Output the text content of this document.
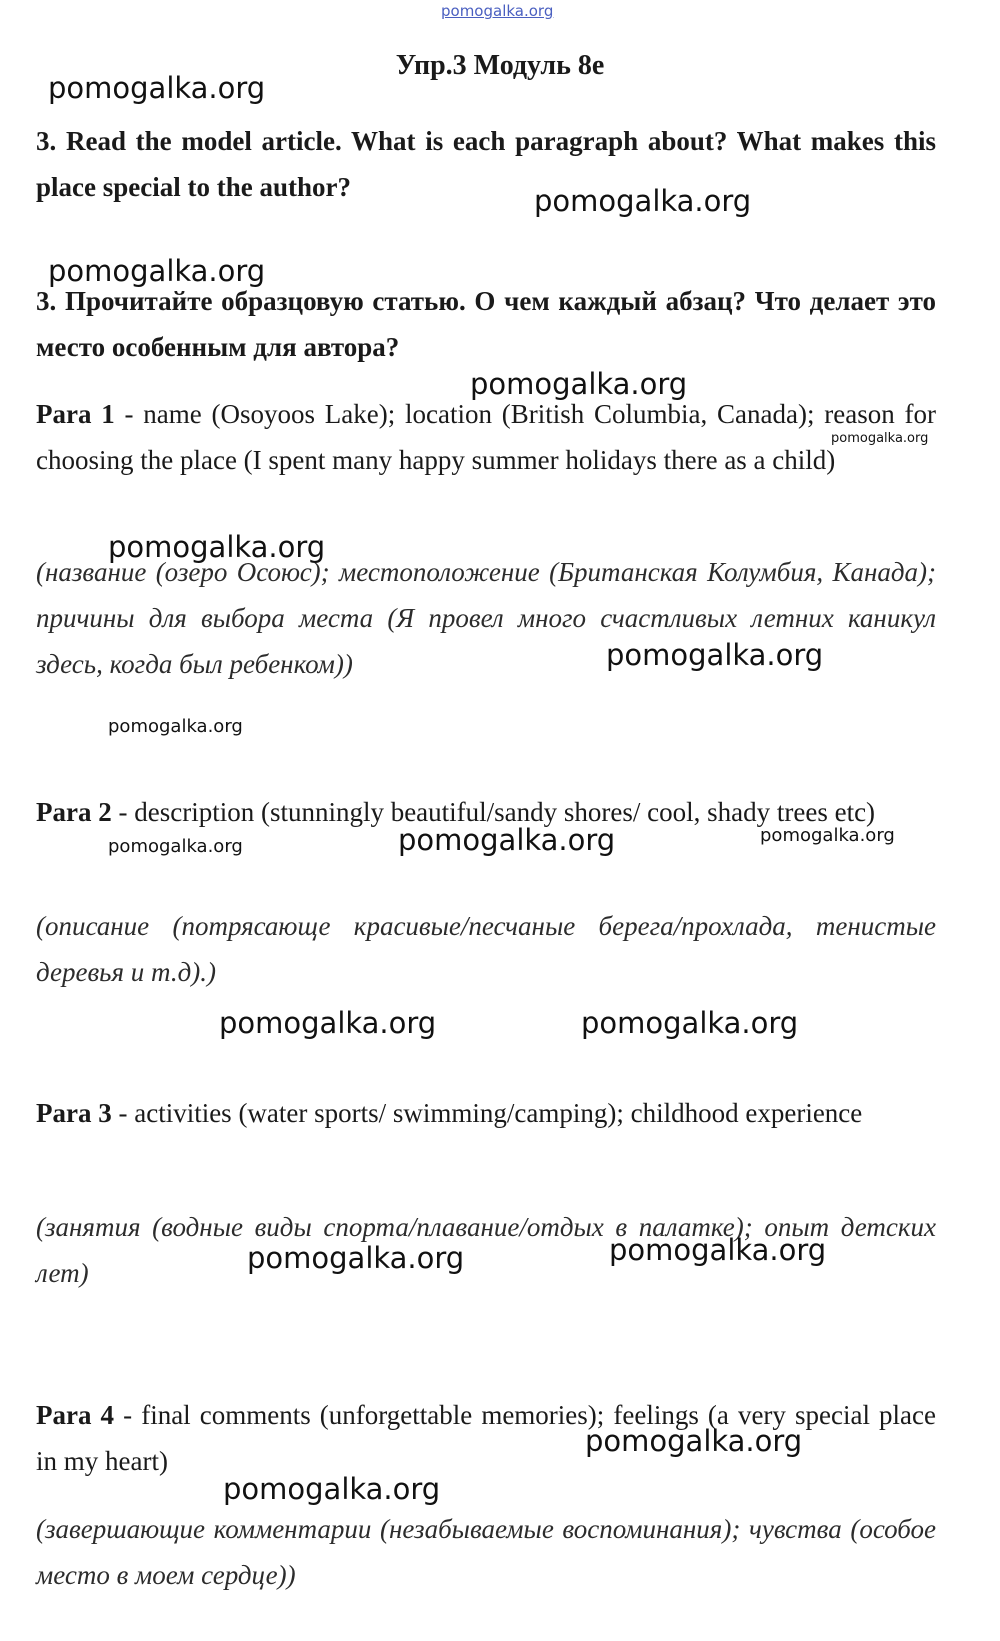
pomogalka.org
Упр.3 Модуль 8e
3. Read the model article. What is each paragraph about? What makes this place special to the author?
3. Прочитайте образцовую статью. О чем каждый абзац? Что делает это место особенным для автора?
Para 1 - name (Osoyoos Lake); location (British Columbia, Canada); reason for choosing the place (I spent many happy summer holidays there as a child)
(название (озеро Осоюс); местоположение (Британская Колумбия, Канада); причины для выбора места (Я провел много счастливых летних каникул здесь, когда был ребенком))
Para 2 - description (stunningly beautiful/sandy shores/ cool, shady trees etc)
(описание (потрясающе красивые/песчаные берега/прохлада, тенистые деревья и т.д).)
Para 3 - activities (water sports/ swimming/camping); childhood experience
(занятия (водные виды спорта/плавание/отдых в палатке); опыт детских лет)
Para 4 - final comments (unforgettable memories); feelings (a very special place in my heart)
(завершающие комментарии (незабываемые воспоминания); чувства (особое место в моем сердце))
pomogalka.org
pomogalka.org
pomogalka.org
pomogalka.org
pomogalka.org
pomogalka.org
pomogalka.org
pomogalka.org
pomogalka.org	pomogalka.org	pomogalka.org
pomogalka.org	pomogalka.org
pomogalka.org	pomogalka.org
pomogalka.org
pomogalka.org
